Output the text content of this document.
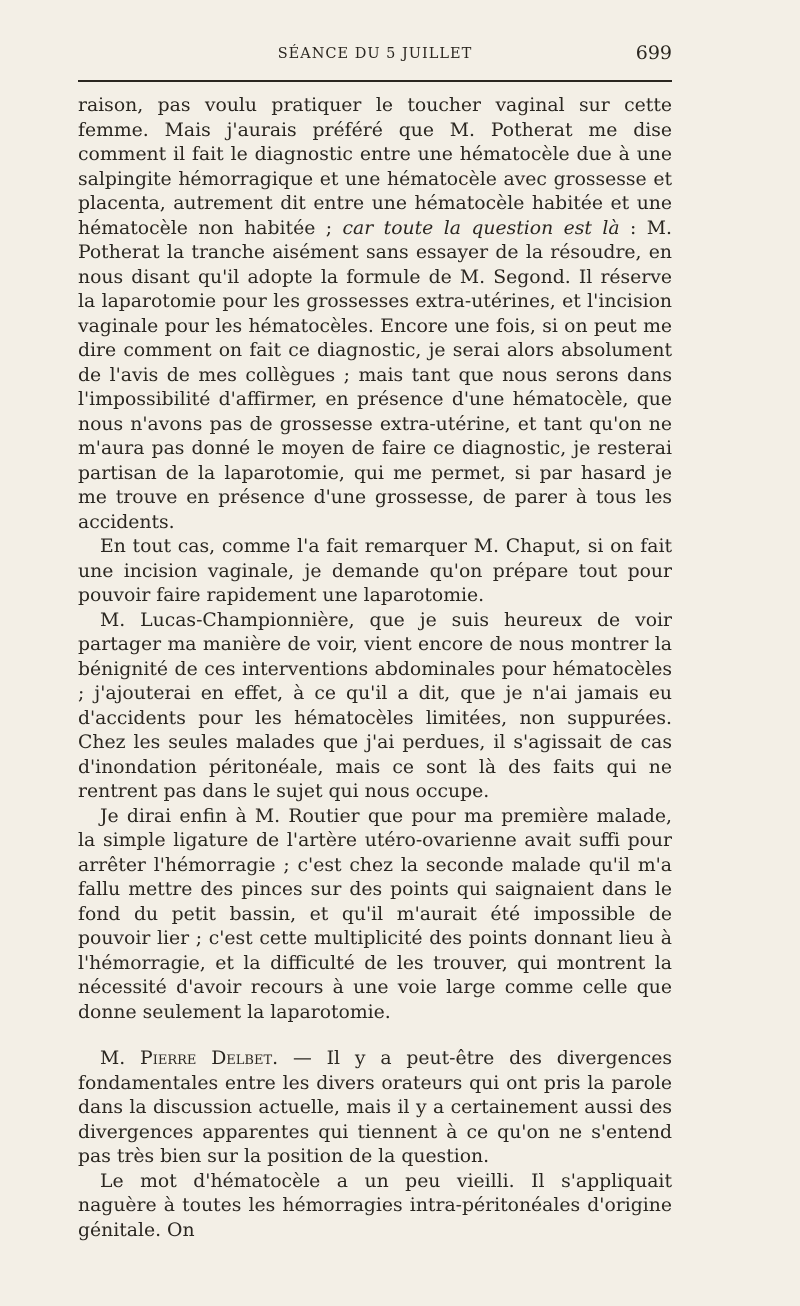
SÉANCE DU 5 JUILLET	699

raison, pas voulu pratiquer le toucher vaginal sur cette femme. Mais j'aurais préféré que M. Potherat me dise comment il fait le diagnostic entre une hématocèle due à une salpingite hémorragique et une hématocèle avec grossesse et placenta, autrement dit entre une hématocèle habitée et une hématocèle non habitée ; car toute la question est là : M. Potherat la tranche aisément sans essayer de la résoudre, en nous disant qu'il adopte la formule de M. Segond. Il réserve la laparotomie pour les grossesses extra-utérines, et l'incision vaginale pour les hématocèles. Encore une fois, si on peut me dire comment on fait ce diagnostic, je serai alors absolument de l'avis de mes collègues ; mais tant que nous serons dans l'impossibilité d'affirmer, en présence d'une hématocèle, que nous n'avons pas de grossesse extra-utérine, et tant qu'on ne m'aura pas donné le moyen de faire ce diagnostic, je resterai partisan de la laparotomie, qui me permet, si par hasard je me trouve en présence d'une grossesse, de parer à tous les accidents.

En tout cas, comme l'a fait remarquer M. Chaput, si on fait une incision vaginale, je demande qu'on prépare tout pour pouvoir faire rapidement une laparotomie.

M. Lucas-Championnière, que je suis heureux de voir partager ma manière de voir, vient encore de nous montrer la bénignité de ces interventions abdominales pour hématocèles ; j'ajouterai en effet, à ce qu'il a dit, que je n'ai jamais eu d'accidents pour les hématocèles limitées, non suppurées. Chez les seules malades que j'ai perdues, il s'agissait de cas d'inondation péritonéale, mais ce sont là des faits qui ne rentrent pas dans le sujet qui nous occupe.

Je dirai enfin à M. Routier que pour ma première malade, la simple ligature de l'artère utéro-ovarienne avait suffi pour arrêter l'hémorragie ; c'est chez la seconde malade qu'il m'a fallu mettre des pinces sur des points qui saignaient dans le fond du petit bassin, et qu'il m'aurait été impossible de pouvoir lier ; c'est cette multiplicité des points donnant lieu à l'hémorragie, et la difficulté de les trouver, qui montrent la nécessité d'avoir recours à une voie large comme celle que donne seulement la laparotomie.

M. Pierre Delbet. — Il y a peut-être des divergences fondamentales entre les divers orateurs qui ont pris la parole dans la discussion actuelle, mais il y a certainement aussi des divergences apparentes qui tiennent à ce qu'on ne s'entend pas très bien sur la position de la question.

Le mot d'hématocèle a un peu vieilli. Il s'appliquait naguère à toutes les hémorragies intra-péritonéales d'origine génitale. On
